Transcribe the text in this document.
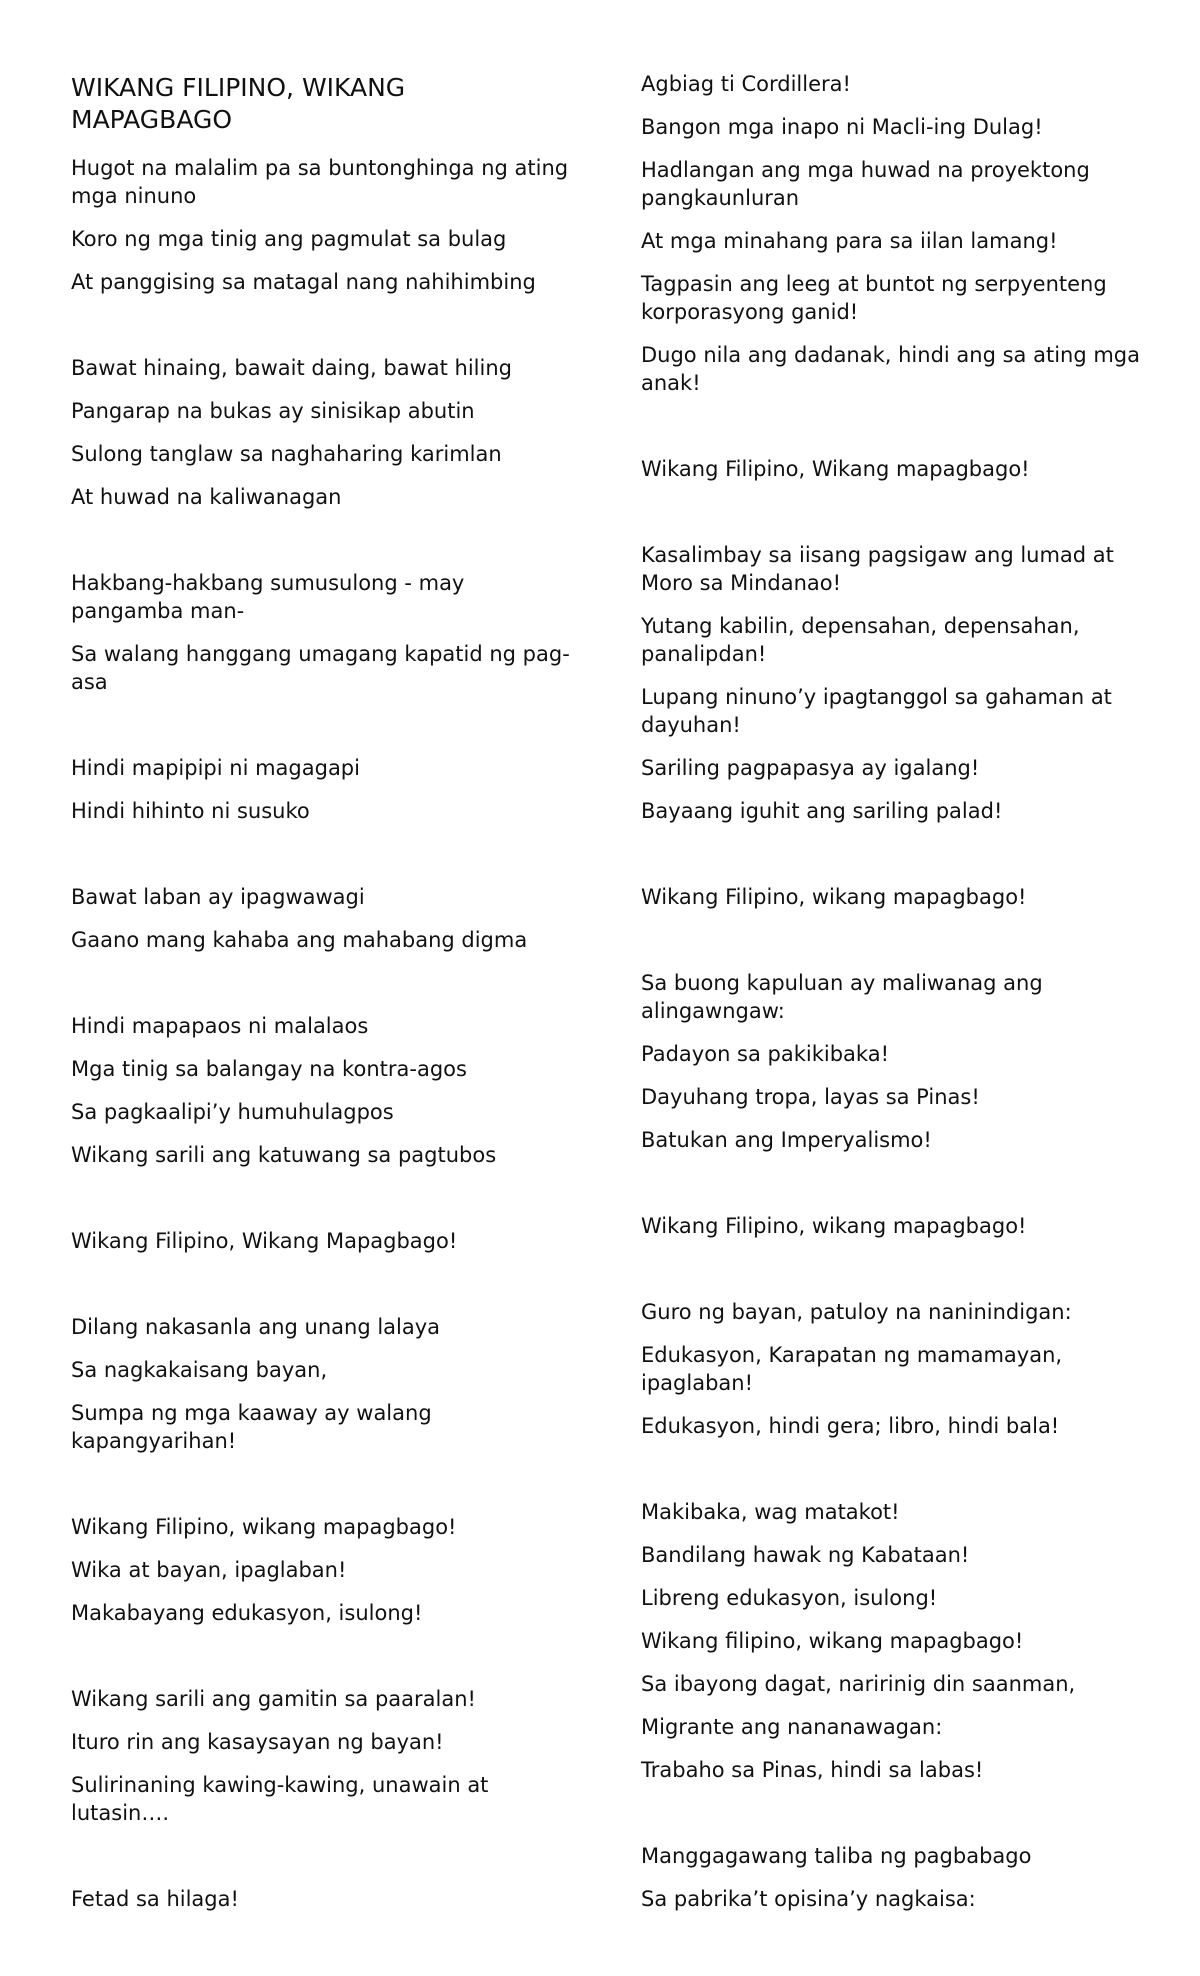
WIKANG FILIPINO, WIKANG MAPAGBAGO

Hugot na malalim pa sa buntonghinga ng ating mga ninuno

Koro ng mga tinig ang pagmulat sa bulag

At panggising sa matagal nang nahihimbing

Bawat hinaing, bawait daing, bawat hiling

Pangarap na bukas ay sinisikap abutin

Sulong tanglaw sa naghaharing karimlan

At huwad na kaliwanagan

Hakbang-hakbang sumusulong - may pangamba man-

Sa walang hanggang umagang kapatid ng pag-asa

Hindi mapipipi ni magagapi

Hindi hihinto ni susuko

Bawat laban ay ipagwawagi

Gaano mang kahaba ang mahabang digma

Hindi mapapaos ni malalaos

Mga tinig sa balangay na kontra-agos

Sa pagkaalipi’y humuhulagpos

Wikang sarili ang katuwang sa pagtubos

Wikang Filipino, Wikang Mapagbago!

Dilang nakasanla ang unang lalaya

Sa nagkakaisang bayan,

Sumpa ng mga kaaway ay walang kapangyarihan!

Wikang Filipino, wikang mapagbago!

Wika at bayan, ipaglaban!

Makabayang edukasyon, isulong!

Wikang sarili ang gamitin sa paaralan!

Ituro rin ang kasaysayan ng bayan!

Sulirinaning kawing-kawing, unawain at lutasin….

Fetad sa hilaga!

Agbiag ti Cordillera!

Bangon mga inapo ni Macli-ing Dulag!

Hadlangan ang mga huwad na proyektong pangkaunluran

At mga minahang para sa iilan lamang!

Tagpasin ang leeg at buntot ng serpyenteng korporasyong ganid!

Dugo nila ang dadanak, hindi ang sa ating mga anak!

Wikang Filipino, Wikang mapagbago!

Kasalimbay sa iisang pagsigaw ang lumad at Moro sa Mindanao!

Yutang kabilin, depensahan, depensahan, panalipdan!

Lupang ninuno’y ipagtanggol sa gahaman at dayuhan!

Sariling pagpapasya ay igalang!

Bayaang iguhit ang sariling palad!

Wikang Filipino, wikang mapagbago!

Sa buong kapuluan ay maliwanag ang alingawngaw:

Padayon sa pakikibaka!

Dayuhang tropa, layas sa Pinas!

Batukan ang Imperyalismo!

Wikang Filipino, wikang mapagbago!

Guro ng bayan, patuloy na naninindigan:

Edukasyon, Karapatan ng mamamayan, ipaglaban!

Edukasyon, hindi gera; libro, hindi bala!

Makibaka, wag matakot!

Bandilang hawak ng Kabataan!

Libreng edukasyon, isulong!

Wikang filipino, wikang mapagbago!

Sa ibayong dagat, naririnig din saanman,

Migrante ang nananawagan:

Trabaho sa Pinas, hindi sa labas!

Manggagawang taliba ng pagbabago

Sa pabrika’t opisina’y nagkaisa:
